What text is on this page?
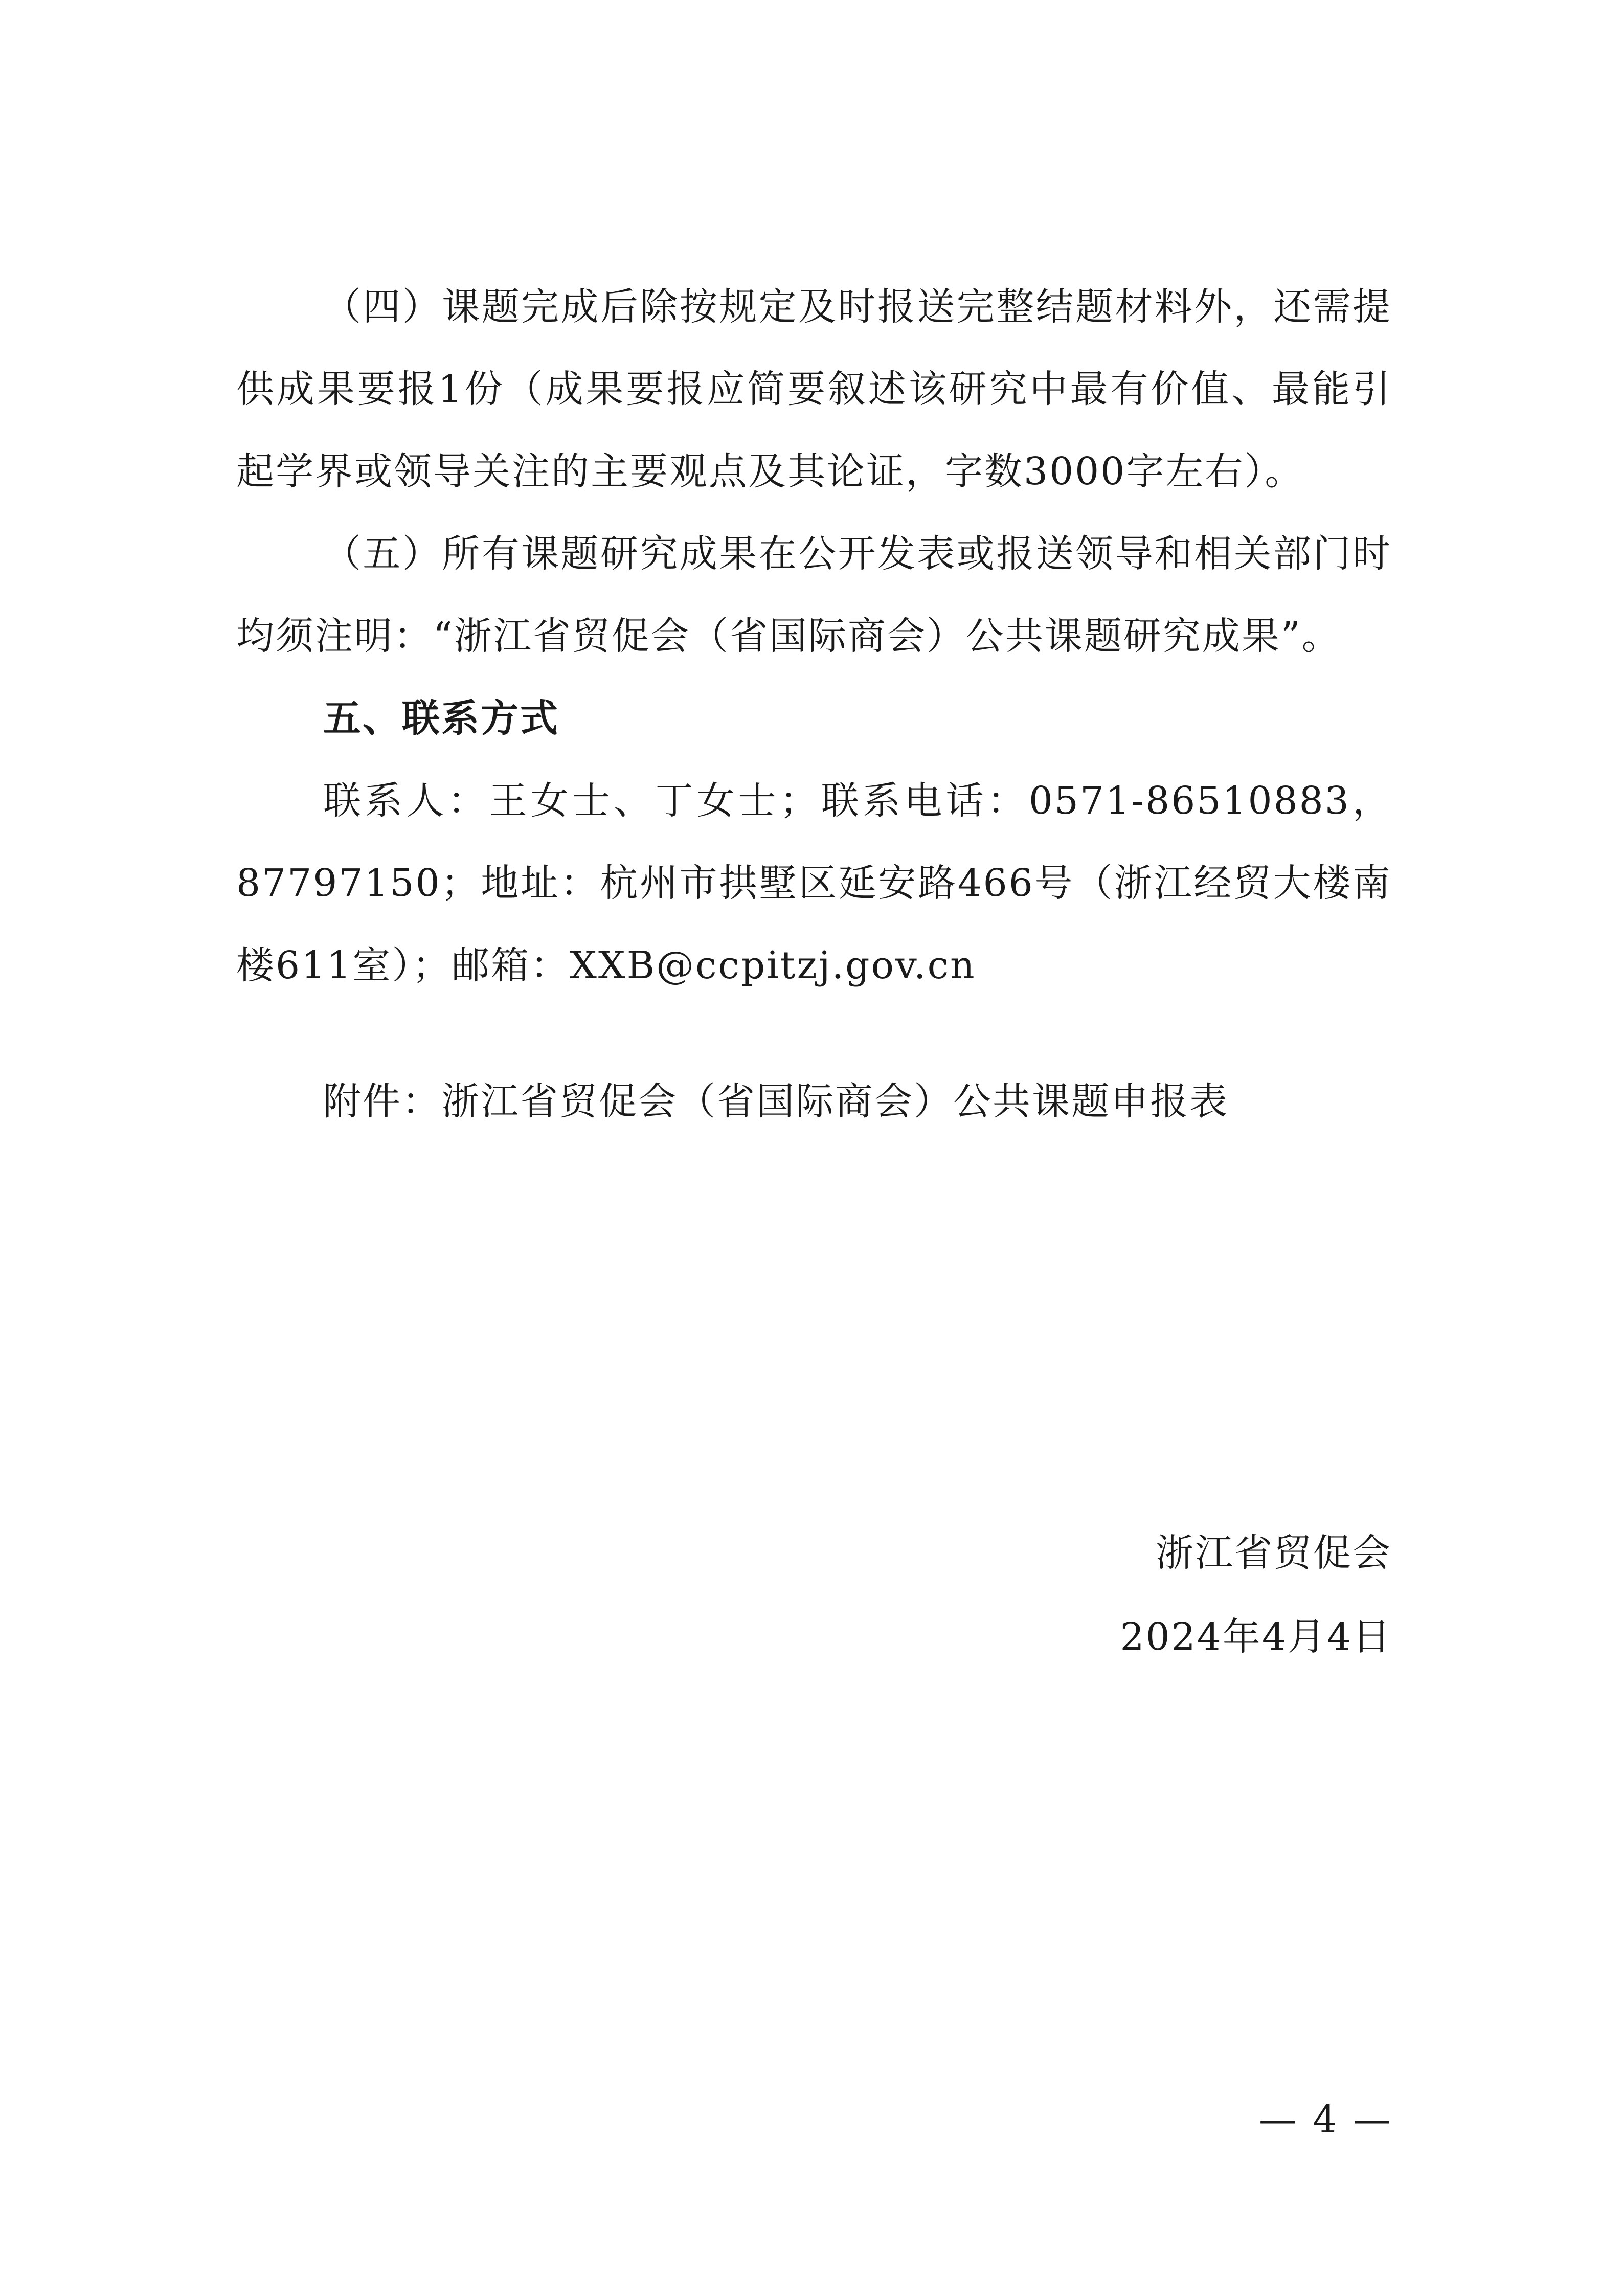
（四）课题完成后除按规定及时报送完整结题材料外，还需提供成果要报1份（成果要报应简要叙述该研究中最有价值、最能引起学界或领导关注的主要观点及其论证，字数3000字左右）。

（五）所有课题研究成果在公开发表或报送领导和相关部门时均须注明：“浙江省贸促会（省国际商会）公共课题研究成果”。

五、联系方式

联系人：王女士、丁女士；联系电话：0571-86510883，87797150；地址：杭州市拱墅区延安路466号（浙江经贸大楼南楼611室）；邮箱：XXB@ccpitzj.gov.cn

附件：浙江省贸促会（省国际商会）公共课题申报表

浙江省贸促会
2024年4月4日
— 4 —
